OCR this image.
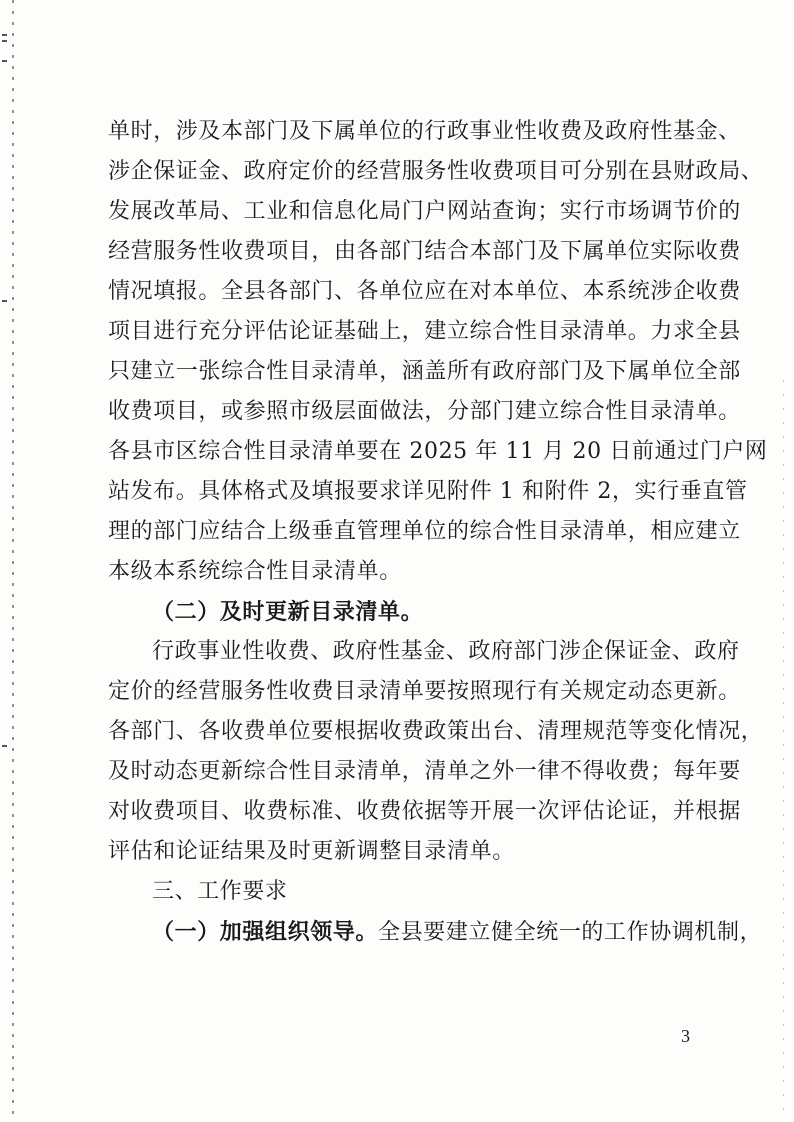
单时，涉及本部门及下属单位的行政事业性收费及政府性基金、
涉企保证金、政府定价的经营服务性收费项目可分别在县财政局、
发展改革局、工业和信息化局门户网站查询；实行市场调节价的
经营服务性收费项目，由各部门结合本部门及下属单位实际收费
情况填报。全县各部门、各单位应在对本单位、本系统涉企收费
项目进行充分评估论证基础上，建立综合性目录清单。力求全县
只建立一张综合性目录清单，涵盖所有政府部门及下属单位全部
收费项目，或参照市级层面做法，分部门建立综合性目录清单。
各县市区综合性目录清单要在 2025 年 11 月 20 日前通过门户网
站发布。具体格式及填报要求详见附件 1 和附件 2，实行垂直管
理的部门应结合上级垂直管理单位的综合性目录清单，相应建立
本级本系统综合性目录清单。
（二）及时更新目录清单。
行政事业性收费、政府性基金、政府部门涉企保证金、政府
定价的经营服务性收费目录清单要按照现行有关规定动态更新。
各部门、各收费单位要根据收费政策出台、清理规范等变化情况，
及时动态更新综合性目录清单，清单之外一律不得收费；每年要
对收费项目、收费标准、收费依据等开展一次评估论证，并根据
评估和论证结果及时更新调整目录清单。
三、工作要求
（一）加强组织领导。全县要建立健全统一的工作协调机制，
3
